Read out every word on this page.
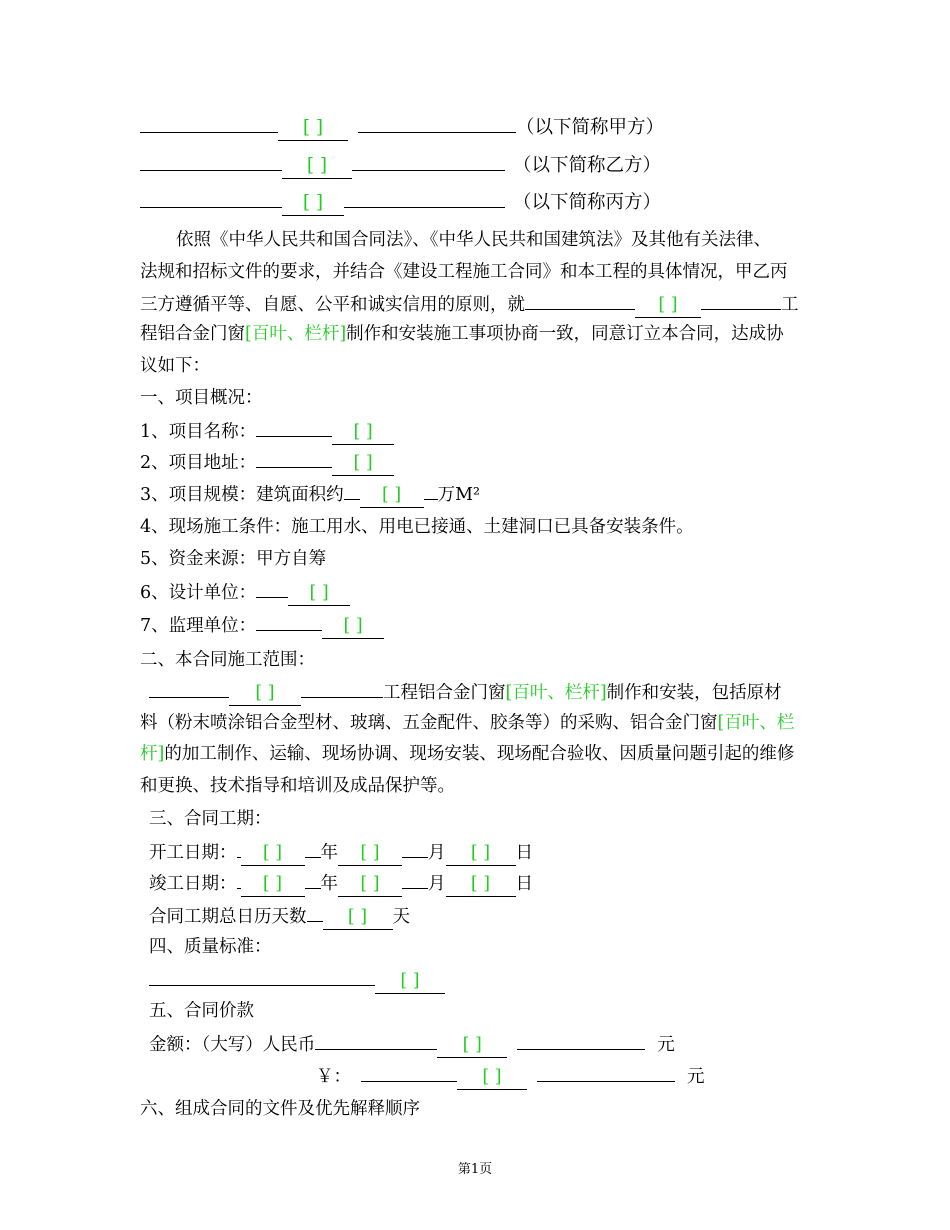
[ ]	（以下简称甲方）
[ ]	（以下简称乙方）
[ ]	（以下简称丙方）
依照《中华人民共和国合同法》、《中华人民共和国建筑法》及其他有关法律、
法规和招标文件的要求，并结合《建设工程施工合同》和本工程的具体情况，甲乙丙
三方遵循平等、自愿、公平和诚实信用的原则，就	[ ]	工
程铝合金门窗[百叶、栏杆]制作和安装施工事项协商一致，同意订立本合同，达成协
议如下：
一、项目概况：
1、项目名称：	[ ]
2、项目地址：	[ ]
3、项目规模：建筑面积约 [ ] 万M²
4、现场施工条件：施工用水、用电已接通、土建洞口已具备安装条件。
5、资金来源：甲方自筹
6、设计单位：	[ ]
7、监理单位：	[ ]
二、本合同施工范围：
[ ]	工程铝合金门窗[百叶、栏杆]制作和安装，包括原材
料（粉末喷涂铝合金型材、玻璃、五金配件、胶条等）的采购、铝合金门窗[百叶、栏
杆]的加工制作、运输、现场协调、现场安装、现场配合验收、因质量问题引起的维修
和更换、技术指导和培训及成品保护等。
三、合同工期：
开工日期： [ ] 年 [ ]	月 [ ] 日
竣工日期： [ ] 年 [ ]	月 [ ] 日
合同工期总日历天数 [ ] 天
四、质量标准：
[ ]
五、合同价款
金额：（大写）人民币	[ ]	元
￥：	[ ]	元
六、组成合同的文件及优先解释顺序
第1页
